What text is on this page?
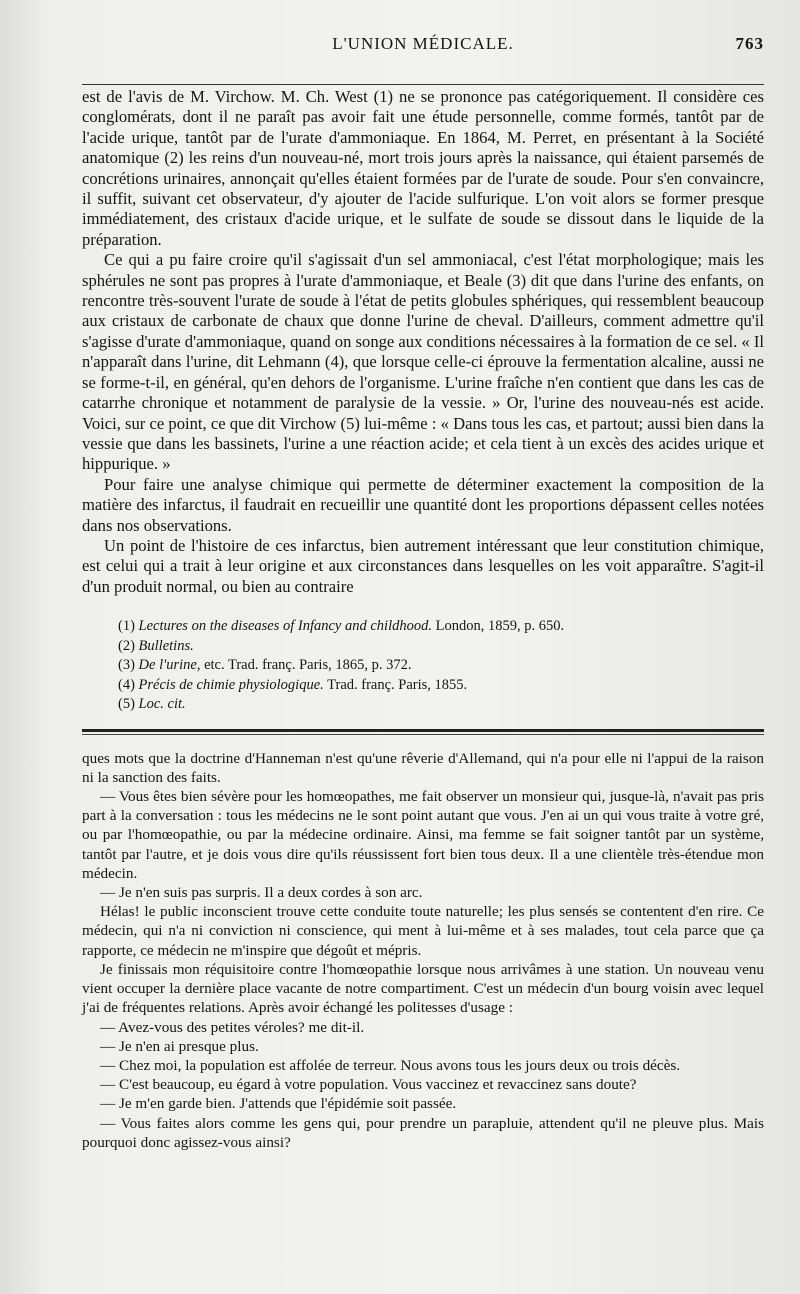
L'UNION MÉDICALE.	763

est de l'avis de M. Virchow. M. Ch. West (1) ne se prononce pas catégoriquement. Il considère ces conglomérats, dont il ne paraît pas avoir fait une étude personnelle, comme formés, tantôt par de l'acide urique, tantôt par de l'urate d'ammoniaque. En 1864, M. Perret, en présentant à la Société anatomique (2) les reins d'un nouveau-né, mort trois jours après la naissance, qui étaient parsemés de concrétions urinaires, annonçait qu'elles étaient formées par de l'urate de soude. Pour s'en convaincre, il suffit, suivant cet observateur, d'y ajouter de l'acide sulfurique. L'on voit alors se former presque immédiatement, des cristaux d'acide urique, et le sulfate de soude se dissout dans le liquide de la préparation.

Ce qui a pu faire croire qu'il s'agissait d'un sel ammoniacal, c'est l'état morphologique; mais les sphérules ne sont pas propres à l'urate d'ammoniaque, et Beale (3) dit que dans l'urine des enfants, on rencontre très-souvent l'urate de soude à l'état de petits globules sphériques, qui ressemblent beaucoup aux cristaux de carbonate de chaux que donne l'urine de cheval. D'ailleurs, comment admettre qu'il s'agisse d'urate d'ammoniaque, quand on songe aux conditions nécessaires à la formation de ce sel. « Il n'apparaît dans l'urine, dit Lehmann (4), que lorsque celle-ci éprouve la fermentation alcaline, aussi ne se forme-t-il, en général, qu'en dehors de l'organisme. L'urine fraîche n'en contient que dans les cas de catarrhe chronique et notamment de paralysie de la vessie. » Or, l'urine des nouveau-nés est acide. Voici, sur ce point, ce que dit Virchow (5) lui-même : « Dans tous les cas, et partout; aussi bien dans la vessie que dans les bassinets, l'urine a une réaction acide; et cela tient à un excès des acides urique et hippurique. »

Pour faire une analyse chimique qui permette de déterminer exactement la composition de la matière des infarctus, il faudrait en recueillir une quantité dont les proportions dépassent celles notées dans nos observations.

Un point de l'histoire de ces infarctus, bien autrement intéressant que leur constitution chimique, est celui qui a trait à leur origine et aux circonstances dans lesquelles on les voit apparaître. S'agit-il d'un produit normal, ou bien au contraire

(1) Lectures on the diseases of Infancy and childhood. London, 1859, p. 650.
(2) Bulletins.
(3) De l'urine, etc. Trad. franç. Paris, 1865, p. 372.
(4) Précis de chimie physiologique. Trad. franç. Paris, 1855.
(5) Loc. cit.

ques mots que la doctrine d'Hanneman n'est qu'une rêverie d'Allemand, qui n'a pour elle ni l'appui de la raison ni la sanction des faits.

— Vous êtes bien sévère pour les homœopathes, me fait observer un monsieur qui, jusque-là, n'avait pas pris part à la conversation : tous les médecins ne le sont point autant que vous. J'en ai un qui vous traite à votre gré, ou par l'homœopathie, ou par la médecine ordinaire. Ainsi, ma femme se fait soigner tantôt par un système, tantôt par l'autre, et je dois vous dire qu'ils réussissent fort bien tous deux. Il a une clientèle très-étendue mon médecin.

— Je n'en suis pas surpris. Il a deux cordes à son arc.

Hélas! le public inconscient trouve cette conduite toute naturelle; les plus sensés se contentent d'en rire. Ce médecin, qui n'a ni conviction ni conscience, qui ment à lui-même et à ses malades, tout cela parce que ça rapporte, ce médecin ne m'inspire que dégoût et mépris.

Je finissais mon réquisitoire contre l'homœopathie lorsque nous arrivâmes à une station. Un nouveau venu vient occuper la dernière place vacante de notre compartiment. C'est un médecin d'un bourg voisin avec lequel j'ai de fréquentes relations. Après avoir échangé les politesses d'usage :

— Avez-vous des petites véroles? me dit-il.

— Je n'en ai presque plus.

— Chez moi, la population est affolée de terreur. Nous avons tous les jours deux ou trois décès.

— C'est beaucoup, eu égard à votre population. Vous vaccinez et revaccinez sans doute?

— Je m'en garde bien. J'attends que l'épidémie soit passée.

— Vous faites alors comme les gens qui, pour prendre un parapluie, attendent qu'il ne pleuve plus. Mais pourquoi donc agissez-vous ainsi?
